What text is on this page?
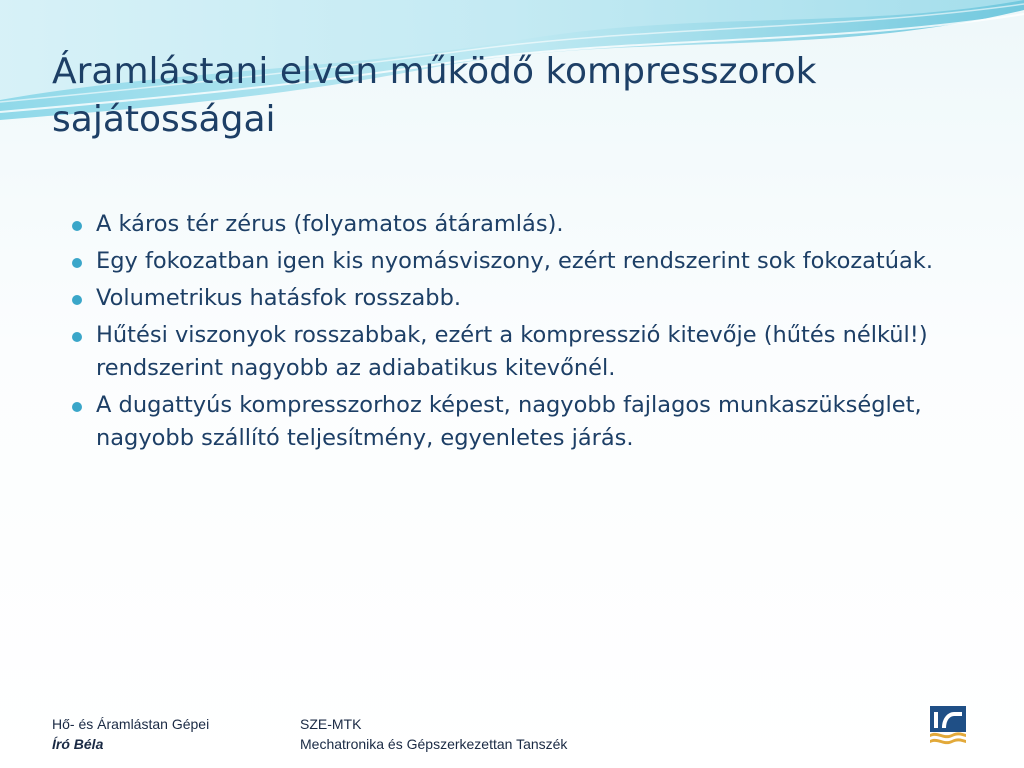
Áramlástani elven működő kompresszorok
sajátosságai
A káros tér zérus (folyamatos átáramlás).
Egy fokozatban igen kis nyomásviszony, ezért rendszerint sok fokozatúak.
Volumetrikus hatásfok rosszabb.
Hűtési viszonyok rosszabbak, ezért a kompresszió kitevője (hűtés nélkül!) rendszerint nagyobb az adiabatikus kitevőnél.
A dugattyús kompresszorhoz képest, nagyobb fajlagos munkaszükséglet, nagyobb szállító teljesítmény, egyenletes járás.
Hő- és Áramlástan Gépei
Író Béla
SZE-MTK
Mechatronika és Gépszerkezettan Tanszék
